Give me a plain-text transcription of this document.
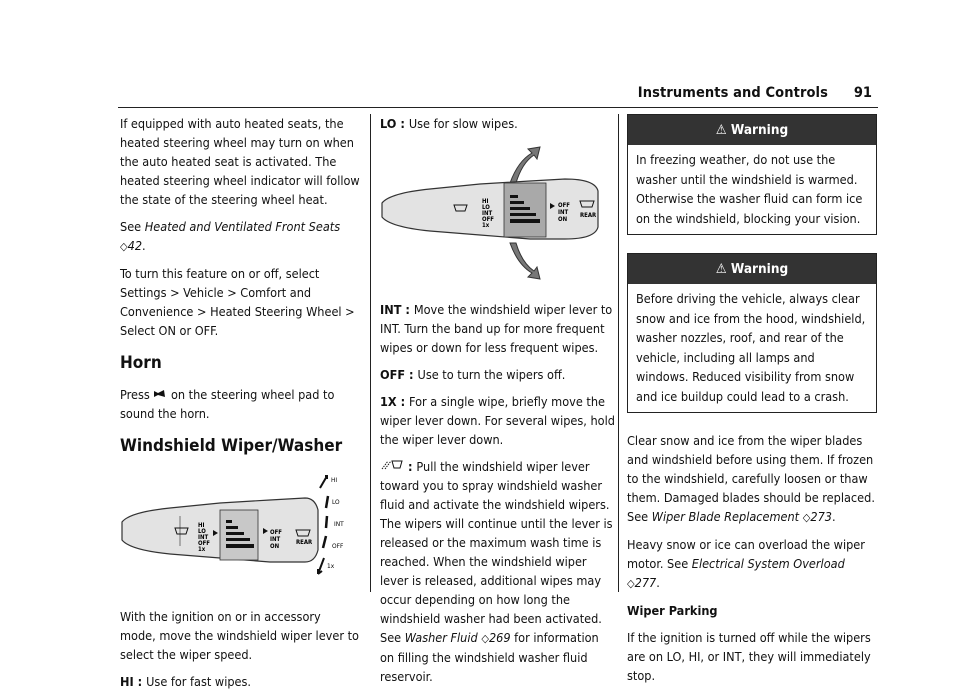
Instruments and Controls 91

If equipped with auto heated seats, the heated steering wheel may turn on when the auto heated seat is activated. The heated steering wheel indicator will follow the state of the steering wheel heat.

See Heated and Ventilated Front Seats ◇42.

To turn this feature on or off, select Settings > Vehicle > Comfort and Convenience > Heated Steering Wheel > Select ON or OFF.

Horn

Press  on the steering wheel pad to sound the horn.

Windshield Wiper/Washer
HI
LO
INT
OFF
1x
OFF
INT
ON
REAR
HI
LO
INT
OFF
1x

With the ignition on or in accessory mode, move the windshield wiper lever to select the wiper speed.

HI : Use for fast wipes.

LO : Use for slow wipes.

HI
LO
INT
OFF
1x
OFF
INT
ON
REAR

INT : Move the windshield wiper lever to INT. Turn the band up for more frequent wipes or down for less frequent wipes.

OFF : Use to turn the wipers off.

1X : For a single wipe, briefly move the wiper lever down. For several wipes, hold the wiper lever down.

: Pull the windshield wiper lever toward you to spray windshield washer fluid and activate the windshield wipers. The wipers will continue until the lever is released or the maximum wash time is reached. When the windshield wiper lever is released, additional wipes may occur depending on how long the windshield washer had been activated. See Washer Fluid ◇269 for information on filling the windshield washer fluid reservoir.

⚠ Warning
In freezing weather, do not use the washer until the windshield is warmed. Otherwise the washer fluid can form ice on the windshield, blocking your vision.
⚠ Warning
Before driving the vehicle, always clear snow and ice from the hood, windshield, washer nozzles, roof, and rear of the vehicle, including all lamps and windows. Reduced visibility from snow and ice buildup could lead to a crash.

Clear snow and ice from the wiper blades and windshield before using them. If frozen to the windshield, carefully loosen or thaw them. Damaged blades should be replaced. See Wiper Blade Replacement ◇273.

Heavy snow or ice can overload the wiper motor. See Electrical System Overload ◇277.

Wiper Parking

If the ignition is turned off while the wipers are on LO, HI, or INT, they will immediately stop.
